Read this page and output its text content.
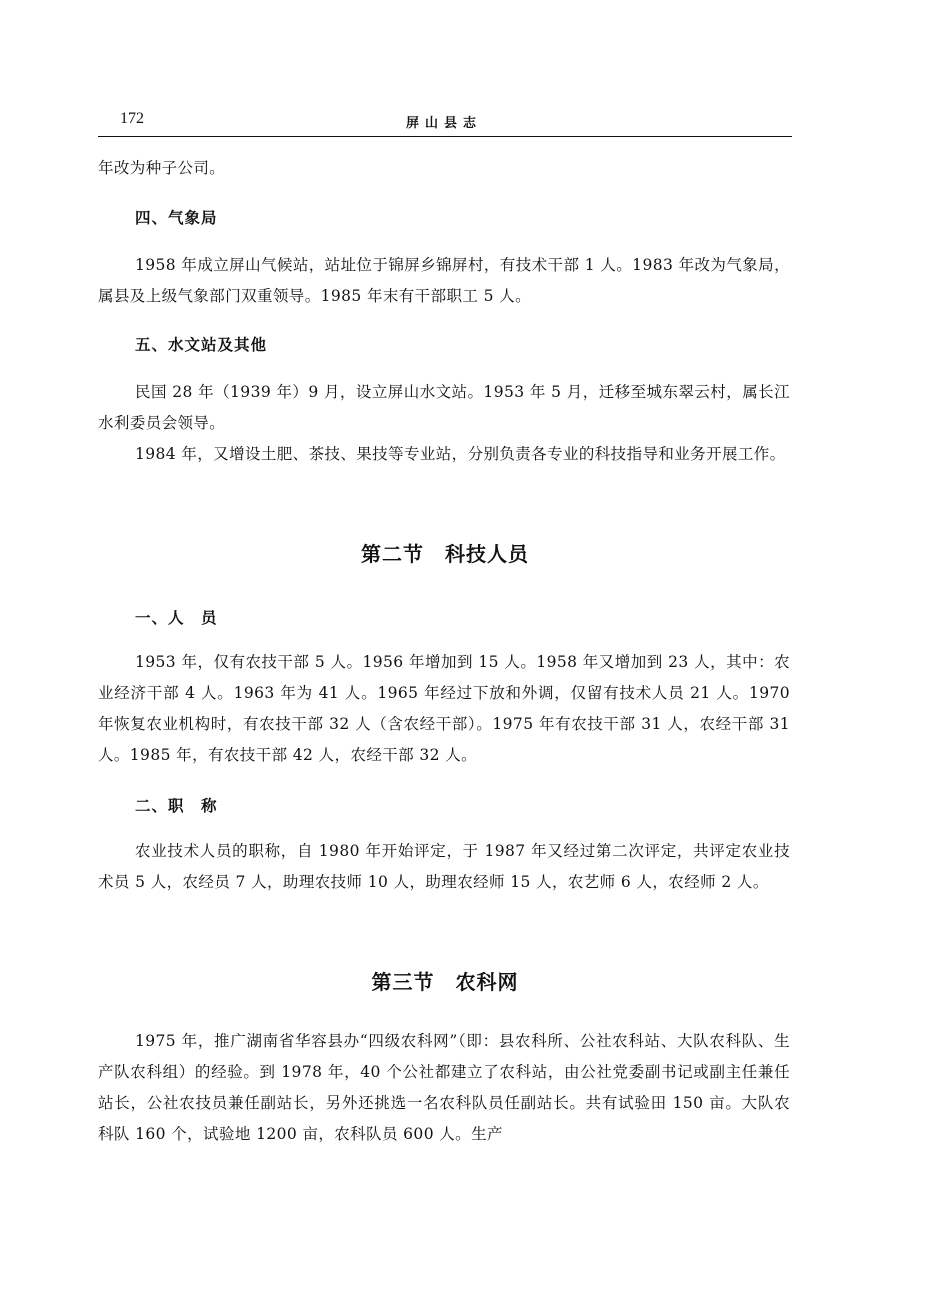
172	屏山县志

年改为种子公司。

四、气象局

1958 年成立屏山气候站，站址位于锦屏乡锦屏村，有技术干部 1 人。1983 年改为气象局，属县及上级气象部门双重领导。1985 年末有干部职工 5 人。

五、水文站及其他

民国 28 年（1939 年）9 月，设立屏山水文站。1953 年 5 月，迁移至城东翠云村，属长江水利委员会领导。

1984 年，又增设土肥、茶技、果技等专业站，分别负责各专业的科技指导和业务开展工作。

第二节　科技人员
一、人　员

1953 年，仅有农技干部 5 人。1956 年增加到 15 人。1958 年又增加到 23 人，其中：农业经济干部 4 人。1963 年为 41 人。1965 年经过下放和外调，仅留有技术人员 21 人。1970 年恢复农业机构时，有农技干部 32 人（含农经干部）。1975 年有农技干部 31 人，农经干部 31 人。1985 年，有农技干部 42 人，农经干部 32 人。

二、职　称

农业技术人员的职称，自 1980 年开始评定，于 1987 年又经过第二次评定，共评定农业技术员 5 人，农经员 7 人，助理农技师 10 人，助理农经师 15 人，农艺师 6 人，农经师 2 人。

第三节　农科网

1975 年，推广湖南省华容县办“四级农科网”（即：县农科所、公社农科站、大队农科队、生产队农科组）的经验。到 1978 年，40 个公社都建立了农科站，由公社党委副书记或副主任兼任站长，公社农技员兼任副站长，另外还挑选一名农科队员任副站长。共有试验田 150 亩。大队农科队 160 个，试验地 1200 亩，农科队员 600 人。生产
